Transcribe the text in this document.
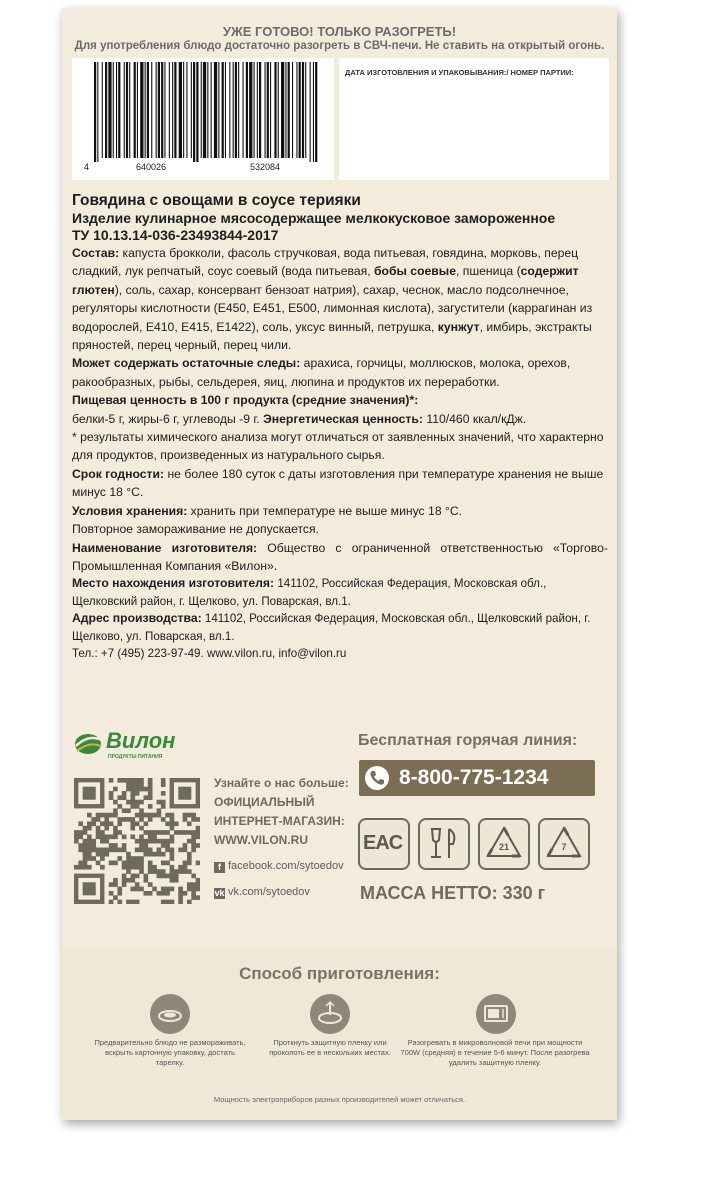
УЖЕ ГОТОВО! ТОЛЬКО РАЗОГРЕТЬ!
Для употребления блюдо достаточно разогреть в СВЧ-печи. Не ставить на открытый огонь.
4	640026	532084
ДАТА ИЗГОТОВЛЕНИЯ И УПАКОВЫВАНИЯ:/ НОМЕР ПАРТИИ:
Говядина с овощами в соусе терияки
Изделие кулинарное мясосодержащее мелкокусковое замороженное
ТУ 10.13.14-036-23493844-2017
Состав: капуста брокколи, фасоль стручковая, вода питьевая, говядина, морковь, перец сладкий, лук репчатый, соус соевый (вода питьевая, бобы соевые, пшеница (содержит глютен), соль, сахар, консервант бензоат натрия), сахар, чеснок, масло подсолнечное, регуляторы кислотности (Е450, Е451, Е500, лимонная кислота), загустители (каррагинан из водорослей, Е410, Е415, Е1422), соль, уксус винный, петрушка, кунжут, имбирь, экстракты пряностей, перец черный, перец чили.
Может содержать остаточные следы: арахиса, горчицы, моллюсков, молока, орехов, ракообразных, рыбы, сельдерея, яиц, люпина и продуктов их переработки.
Пищевая ценность в 100 г продукта (средние значения)*:
белки-5 г, жиры-6 г, углеводы -9 г. Энергетическая ценность: 110/460 ккал/кДж.
* результаты химического анализа могут отличаться от заявленных значений, что характерно для продуктов, произведенных из натурального сырья.
Срок годности: не более 180 суток с даты изготовления при температуре хранения не выше минус 18 °С.
Условия хранения: хранить при температуре не выше минус 18 °С.
Повторное замораживание не допускается.
Наименование изготовителя: Общество с ограниченной ответственностью «Торгово-Промышленная Компания «Вилон».
Место нахождения изготовителя: 141102, Российская Федерация, Московская обл., Щелковский район, г. Щелково, ул. Поварская, вл.1.
Адрес производства: 141102, Российская Федерация, Московская обл., Щелковский район, г. Щелково, ул. Поварская, вл.1.
Тел.: +7 (495) 223-97-49. www.vilon.ru, info@vilon.ru
Вилон
ПРОДУКТЫ ПИТАНИЯ
Бесплатная горячая линия:
8-800-775-1234
Узнайте о нас больше:
ОФИЦИАЛЬНЫЙ
ИНТЕРНЕТ-МАГАЗИН:
WWW.VILON.RU
f facebook.com/sytoedov
vk vk.com/sytoedov
EAC	21	7
МАССА НЕТТО: 330 г
Способ приготовления:
Предварительно блюдо не размораживать, вскрыть картонную упаковку, достать тарелку.
Проткнуть защитную пленку или проколоть ее в нескольких местах.
Разогревать в микроволновой печи при мощности 700W (средняя) в течение 5-6 минут. После разогрева удалить защитную пленку.
Мощность электроприборов разных производителей может отличаться.
